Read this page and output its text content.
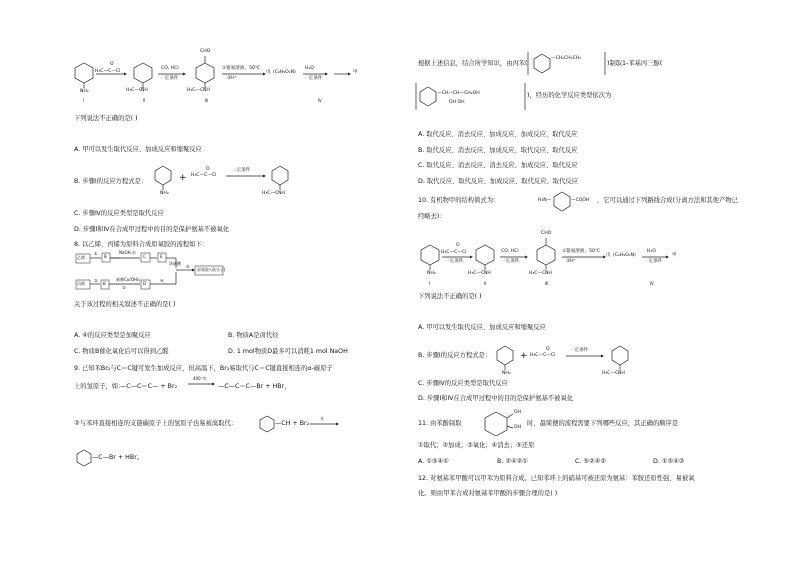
NH₂
O
H₃C—C—Cl
CO, HCl
一定条件
H₃C—C
NH
CHO
H₃C—C NH
①银氨溶液，50℃
②H⁺
戊 (C₆H₉O₂N)
H₂O
一定条件
甲
Ⅰ	Ⅱ	Ⅲ	Ⅳ
下列说法不正确的是( )
A. 甲可以发生取代反应、加成反应和缩聚反应
B. 步骤Ⅰ的反应方程式是：
NH₂
+
O
H₃C—C—Cl
一定条件
H₃C—C NH
C. 步骤Ⅳ的反应类型是取代反应
D. 步骤Ⅰ和Ⅳ在合成甲过程中的目的是保护氨基不被氧化
8. 以乙烯、丙烯为原料合成原氧胶的流程如下：
乙烯
①
B
NaOH,水
C	E
浓硫酸
⑤
原氧胶 (高分子)
丙烯
②
B
新制Cu(OH)₂
③
D
④
关于该过程的相关叙述不正确的是( )
A. ④的反应类型是加聚反应	B. 物质A是卤代烃
C. 物质B催化氧化后可以得到乙醛	D. 1 mol物质D最多可以消耗1 mol NaOH
9. 已知苯Br₂与C＝C键可发生加成反应，但高温下，Br₂易取代与C＝C键直接相连的α-碳原子
上的氢原子，如：
—C—C＝C— + Br₂
400 ℃
—C—C＝C—Br + HBr，
②与苯环直接相连的支链碳原子上的氢原子也易被溴取代：	—CH + Br₂
光
—C—Br + HBr。
根据上述信息，结合所学知识，由丙苯(
—CH₂CH₂CH₃
)制取1-苯基丙三醇(
—CH—CH—CH₂OH
OH OH
)，经历的化学反应类型依次为
A. 取代反应、消去反应、加成反应、加成反应、取代反应
B. 取代反应、消去反应、加成反应、取代反应、取代反应
C. 取代反应、消去反应、消去反应、加成反应、取代反应
D. 取代反应、取代反应、加成反应、取代反应、取代反应
10. 有机物甲的结构简式为：	H₂N—	—COOH ，它可以通过下列路线合成(分离方法和其他产物已
经略去)：
NH₂
O
H₃C—C—Cl
一定条件
H₃C—C NH
CO, HCl
一定条件
CHO
H₃C—C NH
①银氨溶液，50℃
②H⁺
戊 (C₆H₉O₂N)
H₂O
一定条件
甲
Ⅰ	Ⅱ	Ⅲ	Ⅳ
下列说法不正确的是( )
A. 甲可以发生取代反应、加成反应和缩聚反应
B. 步骤Ⅰ的反应方程式是：
NH₂
+
O
H₃C—C—Cl
一定条件
H₃C—C NH
C. 步骤Ⅳ的反应类型是取代反应
D. 步骤Ⅰ和Ⅳ在合成甲过程中的目的是保护氨基不被氧化
11. 由苯酚制取
OH
OH
时，最简便的流程需要下列哪些反应，其正确的顺序是
①取代；②加成；③氧化；④消去；⑤还原
A. ①⑤④①	B. ②④②①	C. ⑤②④②	D. ①⑤④②
12. 对氨基苯甲酸可以甲苯为原料合成。已知苯环上的硝基可被还原为氨基：苯胺还原性强，易被氧
化。则由甲苯合成对氨基苯甲酸的步骤合理的是( )
